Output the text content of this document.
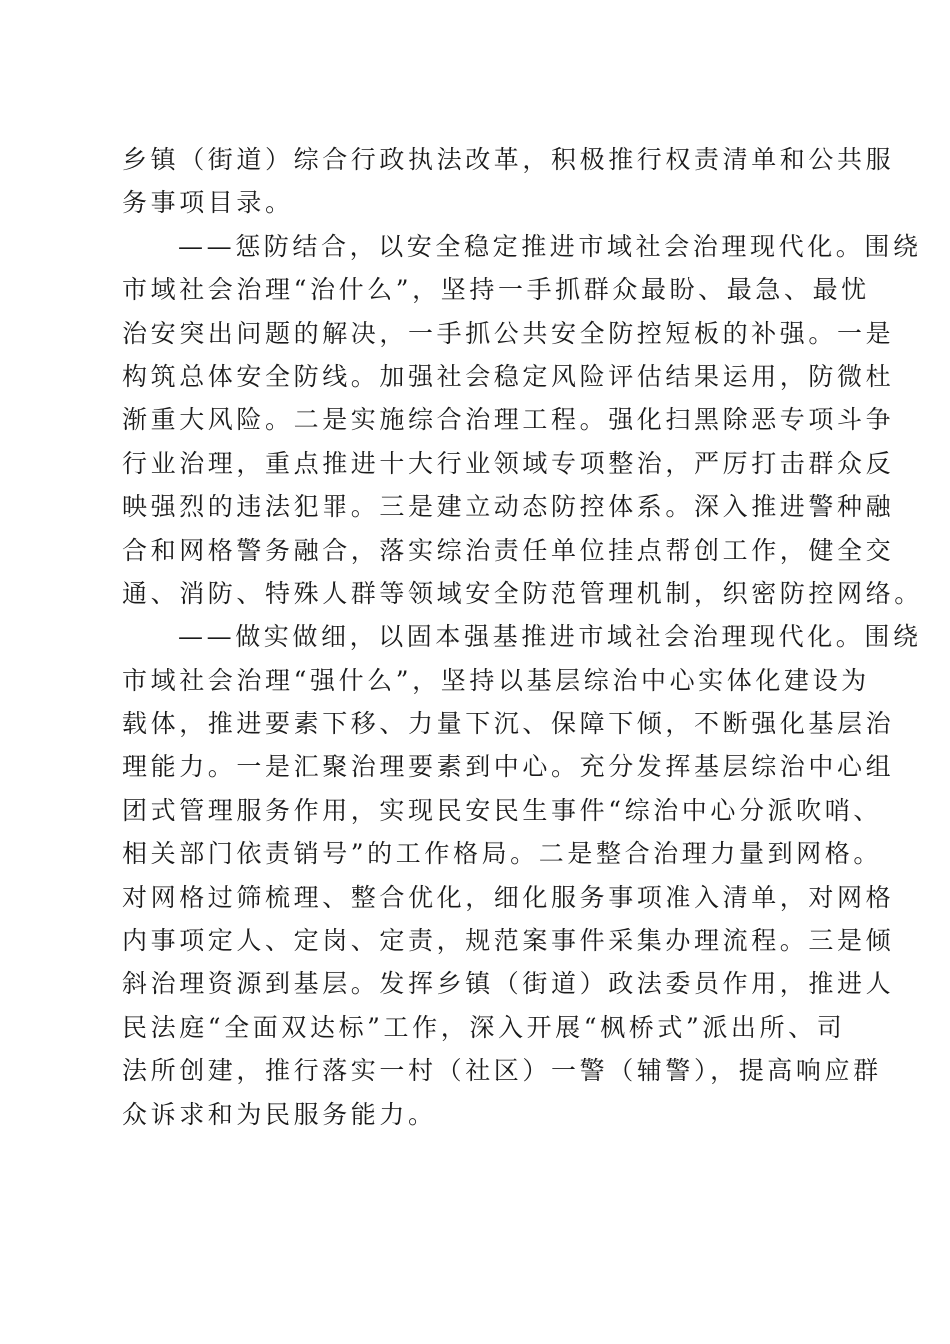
乡镇（街道）综合行政执法改革，积极推行权责清单和公共服
务事项目录。
——惩防结合，以安全稳定推进市域社会治理现代化。围绕
市域社会治理“治什么”，坚持一手抓群众最盼、最急、最忧
治安突出问题的解决，一手抓公共安全防控短板的补强。一是
构筑总体安全防线。加强社会稳定风险评估结果运用，防微杜
渐重大风险。二是实施综合治理工程。强化扫黑除恶专项斗争
行业治理，重点推进十大行业领域专项整治，严厉打击群众反
映强烈的违法犯罪。三是建立动态防控体系。深入推进警种融
合和网格警务融合，落实综治责任单位挂点帮创工作，健全交
通、消防、特殊人群等领域安全防范管理机制，织密防控网络。
——做实做细，以固本强基推进市域社会治理现代化。围绕
市域社会治理“强什么”，坚持以基层综治中心实体化建设为
载体，推进要素下移、力量下沉、保障下倾，不断强化基层治
理能力。一是汇聚治理要素到中心。充分发挥基层综治中心组
团式管理服务作用，实现民安民生事件“综治中心分派吹哨、
相关部门依责销号”的工作格局。二是整合治理力量到网格。
对网格过筛梳理、整合优化，细化服务事项准入清单，对网格
内事项定人、定岗、定责，规范案事件采集办理流程。三是倾
斜治理资源到基层。发挥乡镇（街道）政法委员作用，推进人
民法庭“全面双达标”工作，深入开展“枫桥式”派出所、司
法所创建，推行落实一村（社区）一警（辅警），提高响应群
众诉求和为民服务能力。
